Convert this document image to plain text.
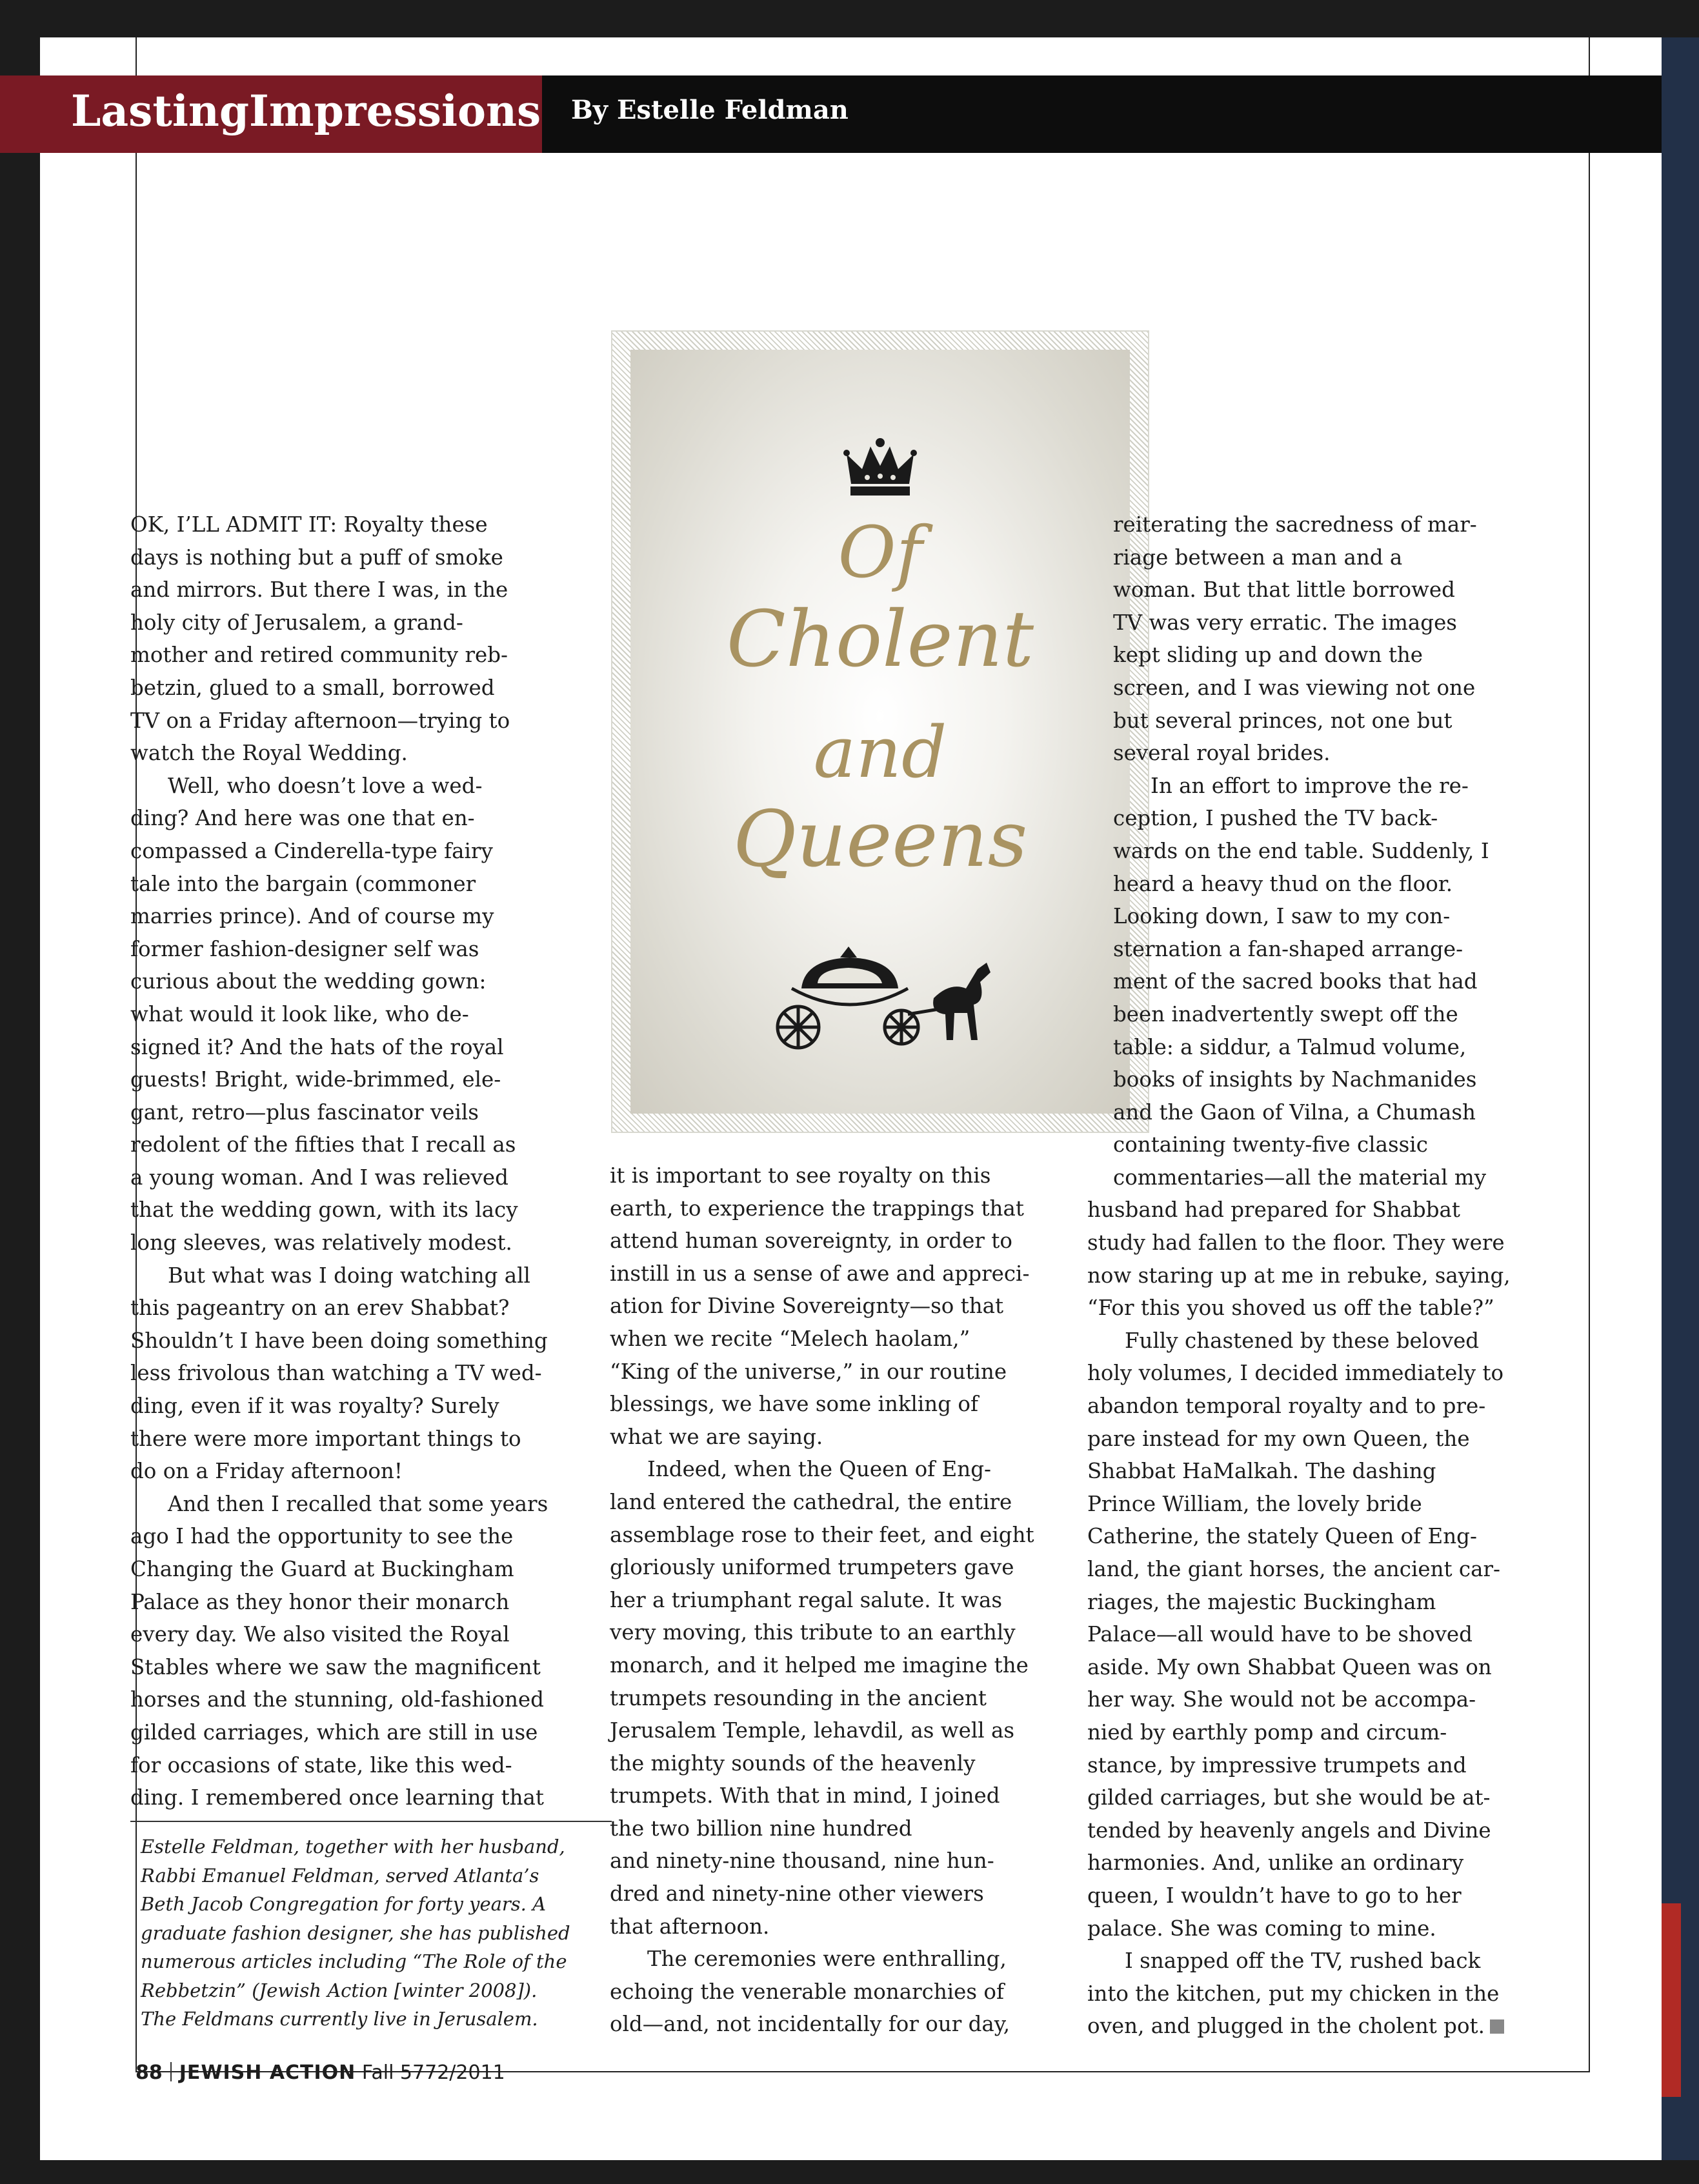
LastingImpressions By Estelle Feldman
Of
Cholent
and
Queens

OK, I’LL ADMIT IT: Royalty these

days is nothing but a puff of smoke

and mirrors. But there I was, in the

holy city of Jerusalem, a grand-

mother and retired community reb-

betzin, glued to a small, borrowed

TV on a Friday afternoon—trying to

watch the Royal Wedding.

Well, who doesn’t love a wed-

ding? And here was one that en-

compassed a Cinderella-type fairy

tale into the bargain (commoner

marries prince). And of course my

former fashion-designer self was

curious about the wedding gown:

what would it look like, who de-

signed it? And the hats of the royal

guests! Bright, wide-brimmed, ele-

gant, retro—plus fascinator veils

redolent of the fifties that I recall as

a young woman. And I was relieved

that the wedding gown, with its lacy

long sleeves, was relatively modest.

But what was I doing watching all

this pageantry on an erev Shabbat?

Shouldn’t I have been doing something

less frivolous than watching a TV wed-

ding, even if it was royalty? Surely

there were more important things to

do on a Friday afternoon!

And then I recalled that some years

ago I had the opportunity to see the

Changing the Guard at Buckingham

Palace as they honor their monarch

every day. We also visited the Royal

Stables where we saw the magnificent

horses and the stunning, old-fashioned

gilded carriages, which are still in use

for occasions of state, like this wed-

ding. I remembered once learning that

Estelle Feldman, together with her husband,

Rabbi Emanuel Feldman, served Atlanta’s

Beth Jacob Congregation for forty years. A

graduate fashion designer, she has published

numerous articles including “The Role of the

Rebbetzin” (Jewish Action [winter 2008]).

The Feldmans currently live in Jerusalem.

it is important to see royalty on this

earth, to experience the trappings that

attend human sovereignty, in order to

instill in us a sense of awe and appreci-

ation for Divine Sovereignty—so that

when we recite “Melech haolam,”

“King of the universe,” in our routine

blessings, we have some inkling of

what we are saying.

Indeed, when the Queen of Eng-

land entered the cathedral, the entire

assemblage rose to their feet, and eight

gloriously uniformed trumpeters gave

her a triumphant regal salute. It was

very moving, this tribute to an earthly

monarch, and it helped me imagine the

trumpets resounding in the ancient

Jerusalem Temple, lehavdil, as well as

the mighty sounds of the heavenly

trumpets. With that in mind, I joined

the two billion nine hundred

and ninety-nine thousand, nine hun-

dred and ninety-nine other viewers

that afternoon.

The ceremonies were enthralling,

echoing the venerable monarchies of

old—and, not incidentally for our day,

reiterating the sacredness of mar-

riage between a man and a

woman. But that little borrowed

TV was very erratic. The images

kept sliding up and down the

screen, and I was viewing not one

but several princes, not one but

several royal brides.

In an effort to improve the re-

ception, I pushed the TV back-

wards on the end table. Suddenly, I

heard a heavy thud on the floor.

Looking down, I saw to my con-

sternation a fan-shaped arrange-

ment of the sacred books that had

been inadvertently swept off the

table: a siddur, a Talmud volume,

books of insights by Nachmanides

and the Gaon of Vilna, a Chumash

containing twenty-five classic

commentaries—all the material my

husband had prepared for Shabbat

study had fallen to the floor. They were

now staring up at me in rebuke, saying,

“For this you shoved us off the table?”

Fully chastened by these beloved

holy volumes, I decided immediately to

abandon temporal royalty and to pre-

pare instead for my own Queen, the

Shabbat HaMalkah. The dashing

Prince William, the lovely bride

Catherine, the stately Queen of Eng-

land, the giant horses, the ancient car-

riages, the majestic Buckingham

Palace—all would have to be shoved

aside. My own Shabbat Queen was on

her way. She would not be accompa-

nied by earthly pomp and circum-

stance, by impressive trumpets and

gilded carriages, but she would be at-

tended by heavenly angels and Divine

harmonies. And, unlike an ordinary

queen, I wouldn’t have to go to her

palace. She was coming to mine.

I snapped off the TV, rushed back

into the kitchen, put my chicken in the

oven, and plugged in the cholent pot.

88 JEWISH ACTION Fall 5772/2011
